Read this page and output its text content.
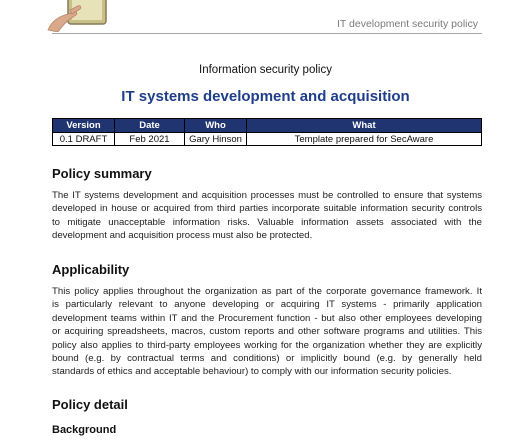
IT development security policy
Information security policy
IT systems development and acquisition
Version	Date	Who	What
0.1 DRAFT	Feb 2021	Gary Hinson	Template prepared for SecAware
Policy summary
The IT systems development and acquisition processes must be controlled to ensure that systems
developed in house or acquired from third parties incorporate suitable information security controls
to mitigate unacceptable information risks. Valuable information assets associated with the
development and acquisition process must also be protected.
Applicability
This policy applies throughout the organization as part of the corporate governance framework. It
is particularly relevant to anyone developing or acquiring IT systems - primarily application
development teams within IT and the Procurement function - but also other employees developing
or acquiring spreadsheets, macros, custom reports and other software programs and utilities. This
policy also applies to third-party employees working for the organization whether they are explicitly
bound (e.g. by contractual terms and conditions) or implicitly bound (e.g. by generally held
standards of ethics and acceptable behaviour) to comply with our information security policies.
Policy detail
Background
